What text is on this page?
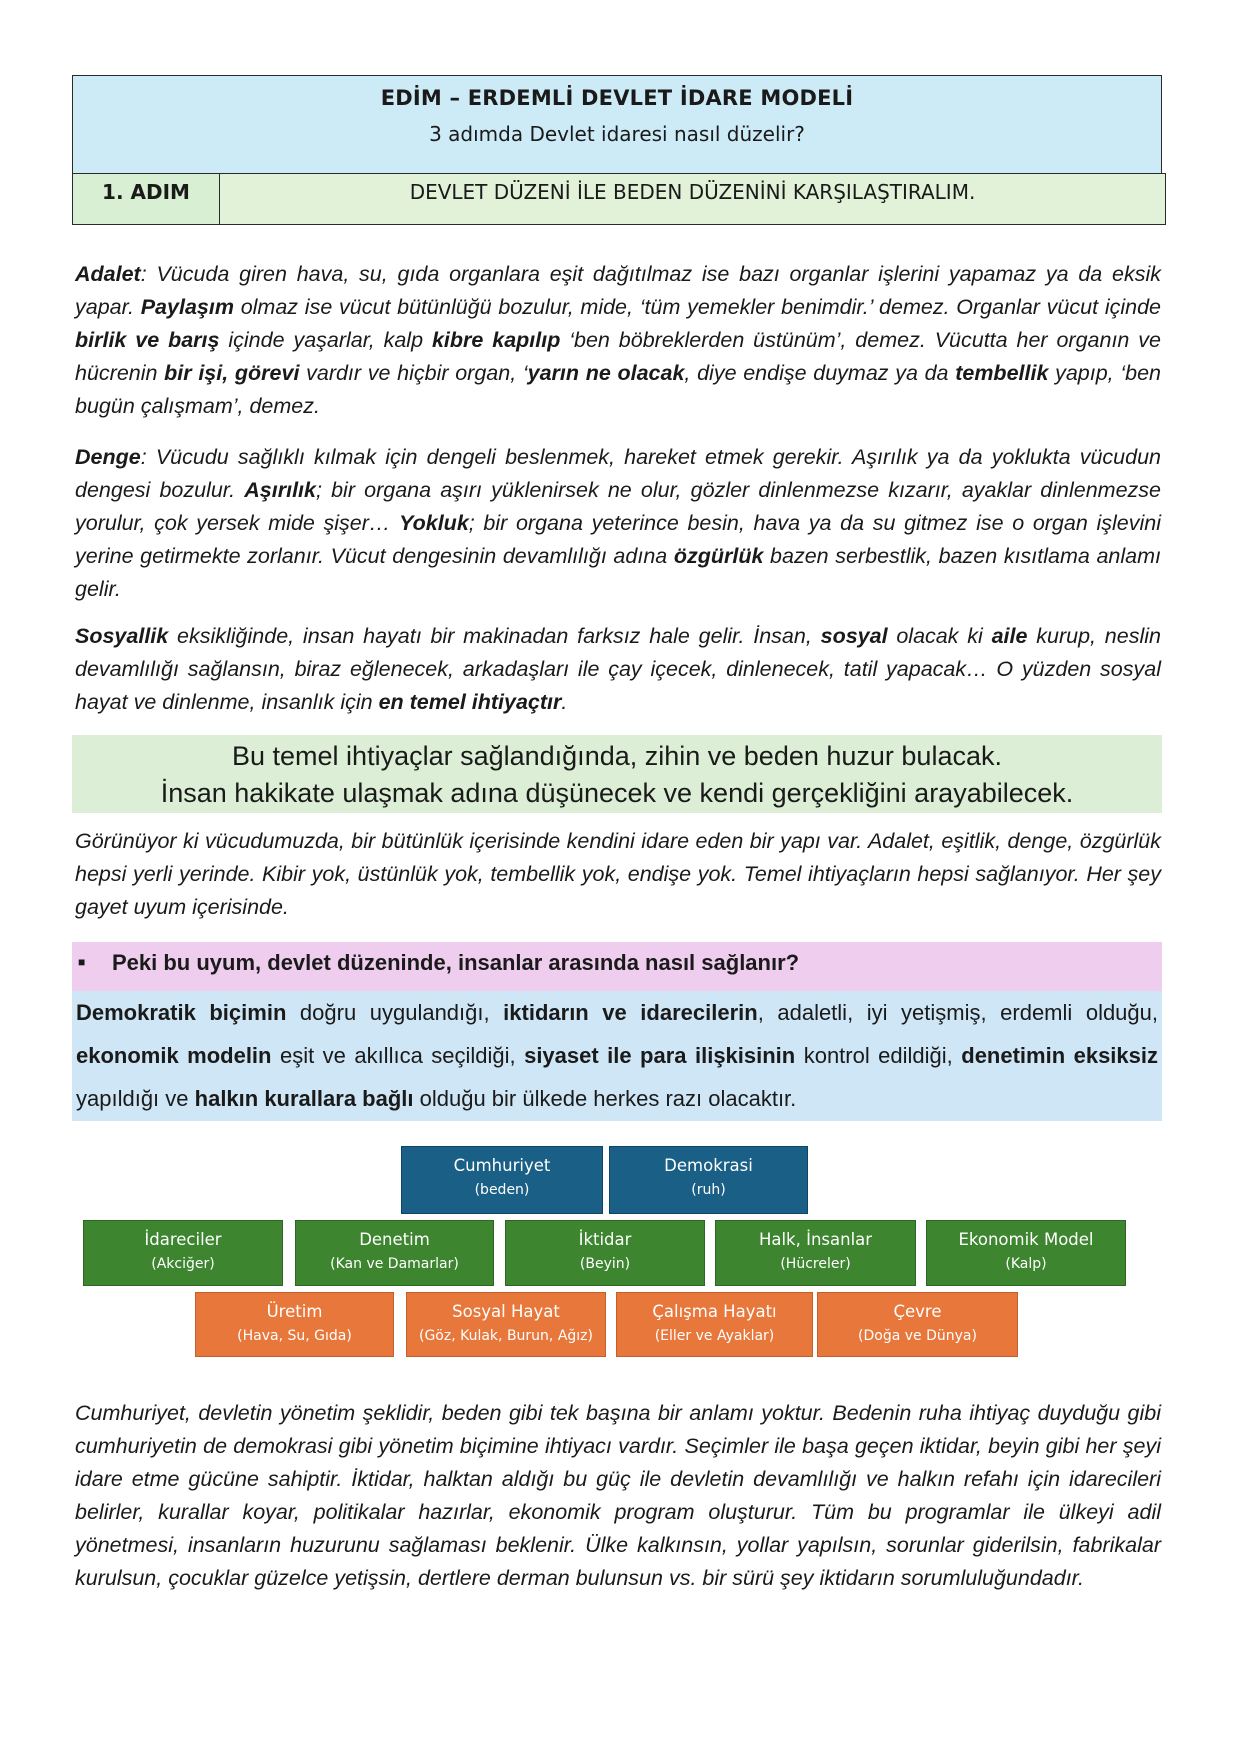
EDİM – ERDEMLİ DEVLET İDARE MODELİ
3 adımda Devlet idaresi nasıl düzelir?
1. ADIM	DEVLET DÜZENİ İLE BEDEN DÜZENİNİ KARŞILAŞTIRALIM.

Adalet: Vücuda giren hava, su, gıda organlara eşit dağıtılmaz ise bazı organlar işlerini yapamaz ya da eksik yapar. Paylaşım olmaz ise vücut bütünlüğü bozulur, mide, ‘tüm yemekler benimdir.’ demez. Organlar vücut içinde birlik ve barış içinde yaşarlar, kalp kibre kapılıp ‘ben böbreklerden üstünüm’, demez. Vücutta her organın ve hücrenin bir işi, görevi vardır ve hiçbir organ, ‘yarın ne olacak, diye endişe duymaz ya da tembellik yapıp, ‘ben bugün çalışmam’, demez.

Denge: Vücudu sağlıklı kılmak için dengeli beslenmek, hareket etmek gerekir. Aşırılık ya da yoklukta vücudun dengesi bozulur. Aşırılık; bir organa aşırı yüklenirsek ne olur, gözler dinlenmezse kızarır, ayaklar dinlenmezse yorulur, çok yersek mide şişer… Yokluk; bir organa yeterince besin, hava ya da su gitmez ise o organ işlevini yerine getirmekte zorlanır. Vücut dengesinin devamlılığı adına özgürlük bazen serbestlik, bazen kısıtlama anlamı gelir.

Sosyallik eksikliğinde, insan hayatı bir makinadan farksız hale gelir. İnsan, sosyal olacak ki aile kurup, neslin devamlılığı sağlansın, biraz eğlenecek, arkadaşları ile çay içecek, dinlenecek, tatil yapacak… O yüzden sosyal hayat ve dinlenme, insanlık için en temel ihtiyaçtır.

Bu temel ihtiyaçlar sağlandığında, zihin ve beden huzur bulacak.
İnsan hakikate ulaşmak adına düşünecek ve kendi gerçekliğini arayabilecek.

Görünüyor ki vücudumuzda, bir bütünlük içerisinde kendini idare eden bir yapı var. Adalet, eşitlik, denge, özgürlük hepsi yerli yerinde. Kibir yok, üstünlük yok, tembellik yok, endişe yok. Temel ihtiyaçların hepsi sağlanıyor. Her şey gayet uyum içerisinde.

■	Peki bu uyum, devlet düzeninde, insanlar arasında nasıl sağlanır?
Demokratik biçimin doğru uygulandığı, iktidarın ve idarecilerin, adaletli, iyi yetişmiş, erdemli olduğu, ekonomik modelin eşit ve akıllıca seçildiği, siyaset ile para ilişkisinin kontrol edildiği, denetimin eksiksiz yapıldığı ve halkın kurallara bağlı olduğu bir ülkede herkes razı olacaktır.
Cumhuriyet
(beden)
Demokrasi
(ruh)
İdareciler
(Akciğer)
Denetim
(Kan ve Damarlar)
İktidar
(Beyin)
Halk, İnsanlar
(Hücreler)
Ekonomik Model
(Kalp)
Üretim
(Hava, Su, Gıda)
Sosyal Hayat
(Göz, Kulak, Burun, Ağız)
Çalışma Hayatı
(Eller ve Ayaklar)
Çevre
(Doğa ve Dünya)

Cumhuriyet, devletin yönetim şeklidir, beden gibi tek başına bir anlamı yoktur. Bedenin ruha ihtiyaç duyduğu gibi cumhuriyetin de demokrasi gibi yönetim biçimine ihtiyacı vardır. Seçimler ile başa geçen iktidar, beyin gibi her şeyi idare etme gücüne sahiptir. İktidar, halktan aldığı bu güç ile devletin devamlılığı ve halkın refahı için idarecileri belirler, kurallar koyar, politikalar hazırlar, ekonomik program oluşturur. Tüm bu programlar ile ülkeyi adil yönetmesi, insanların huzurunu sağlaması beklenir. Ülke kalkınsın, yollar yapılsın, sorunlar giderilsin, fabrikalar kurulsun, çocuklar güzelce yetişsin, dertlere derman bulunsun vs. bir sürü şey iktidarın sorumluluğundadır.
